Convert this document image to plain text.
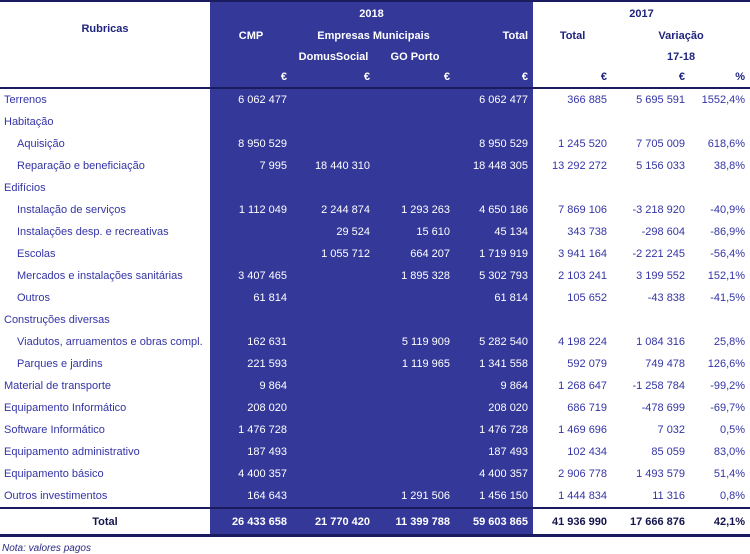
Rubricas	2018				2017		
	CMP	Empresas Municipais		Total	Total	Variação	
		DomusSocial	GO Porto			17-18	
	€	€	€	€	€	€	%
Terrenos	6 062 477			6 062 477	366 885	5 695 591	1552,4%
Habitação							
Aquisição	8 950 529			8 950 529	1 245 520	7 705 009	618,6%
Reparação e beneficiação	7 995	18 440 310		18 448 305	13 292 272	5 156 033	38,8%
Edifícios							
Instalação de serviços	1 112 049	2 244 874	1 293 263	4 650 186	7 869 106	-3 218 920	-40,9%
Instalações desp. e recreativas		29 524	15 610	45 134	343 738	-298 604	-86,9%
Escolas		1 055 712	664 207	1 719 919	3 941 164	-2 221 245	-56,4%
Mercados e instalações sanitárias	3 407 465		1 895 328	5 302 793	2 103 241	3 199 552	152,1%
Outros	61 814			61 814	105 652	-43 838	-41,5%
Construções diversas							
Viadutos, arruamentos e obras compl.	162 631		5 119 909	5 282 540	4 198 224	1 084 316	25,8%
Parques e jardins	221 593		1 119 965	1 341 558	592 079	749 478	126,6%
Material de transporte	9 864			9 864	1 268 647	-1 258 784	-99,2%
Equipamento Informático	208 020			208 020	686 719	-478 699	-69,7%
Software Informático	1 476 728			1 476 728	1 469 696	7 032	0,5%
Equipamento administrativo	187 493			187 493	102 434	85 059	83,0%
Equipamento básico	4 400 357			4 400 357	2 906 778	1 493 579	51,4%
Outros investimentos	164 643		1 291 506	1 456 150	1 444 834	11 316	0,8%
Total	26 433 658	21 770 420	11 399 788	59 603 865	41 936 990	17 666 876	42,1%
Nota: valores pagos
